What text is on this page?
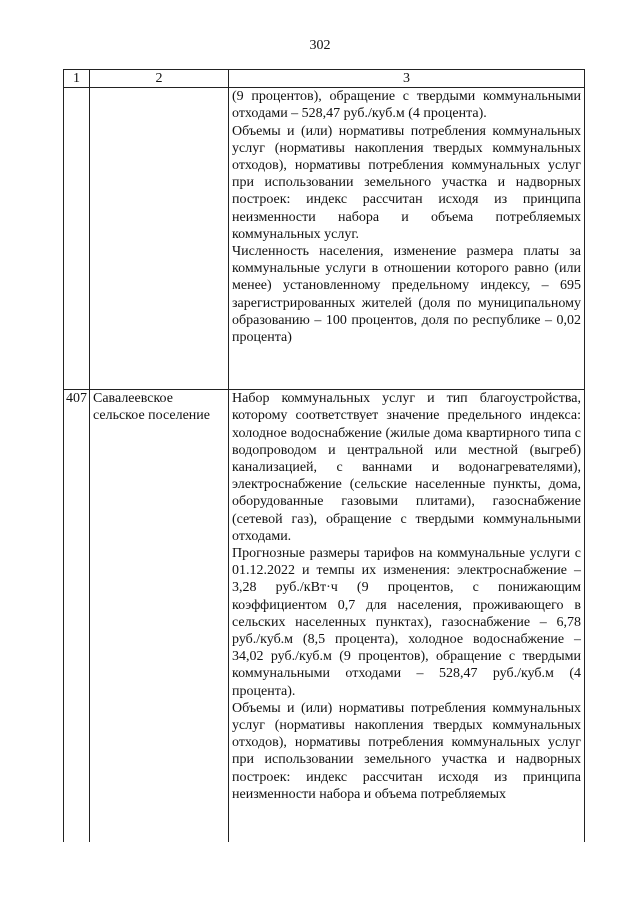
302
1	2	3

		(9 процентов), обращение с твердыми коммунальными отходами – 528,47 руб./куб.м (4 процента).

Объемы и (или) нормативы потребления коммунальных услуг (нормативы накопления твердых коммунальных отходов), нормативы потребления коммунальных услуг при использовании земельного участка и надворных построек: индекс рассчитан исходя из принципа неизменности набора и объема потребляемых коммунальных услуг.

Численность населения, изменение размера платы за коммунальные услуги в отношении которого равно (или менее) установленному предельному индексу, – 695 зарегистрированных жителей (доля по муниципальному образованию – 100 процентов, доля по республике – 0,02 процента)

407	Савалеевское сельское поселение	Набор коммунальных услуг и тип благоустройства, которому соответствует значение предельного индекса: холодное водоснабжение (жилые дома квартирного типа с водопроводом и центральной или местной (выгреб) канализацией, с ваннами и водонагревателями), электроснабжение (сельские населенные пункты, дома, оборудованные газовыми плитами), газоснабжение (сетевой газ), обращение с твердыми коммунальными отходами.

Прогнозные размеры тарифов на коммунальные услуги с 01.12.2022 и темпы их изменения: электроснабжение – 3,28 руб./кВт·ч (9 процентов, с понижающим коэффициентом 0,7 для населения, проживающего в сельских населенных пунктах), газоснабжение – 6,78 руб./куб.м (8,5 процента), холодное водоснабжение – 34,02 руб./куб.м (9 процентов), обращение с твердыми коммунальными отходами – 528,47 руб./куб.м (4 процента).

Объемы и (или) нормативы потребления коммунальных услуг (нормативы накопления твердых коммунальных отходов), нормативы потребления коммунальных услуг при использовании земельного участка и надворных построек: индекс рассчитан исходя из принципа неизменности набора и объема потребляемых
